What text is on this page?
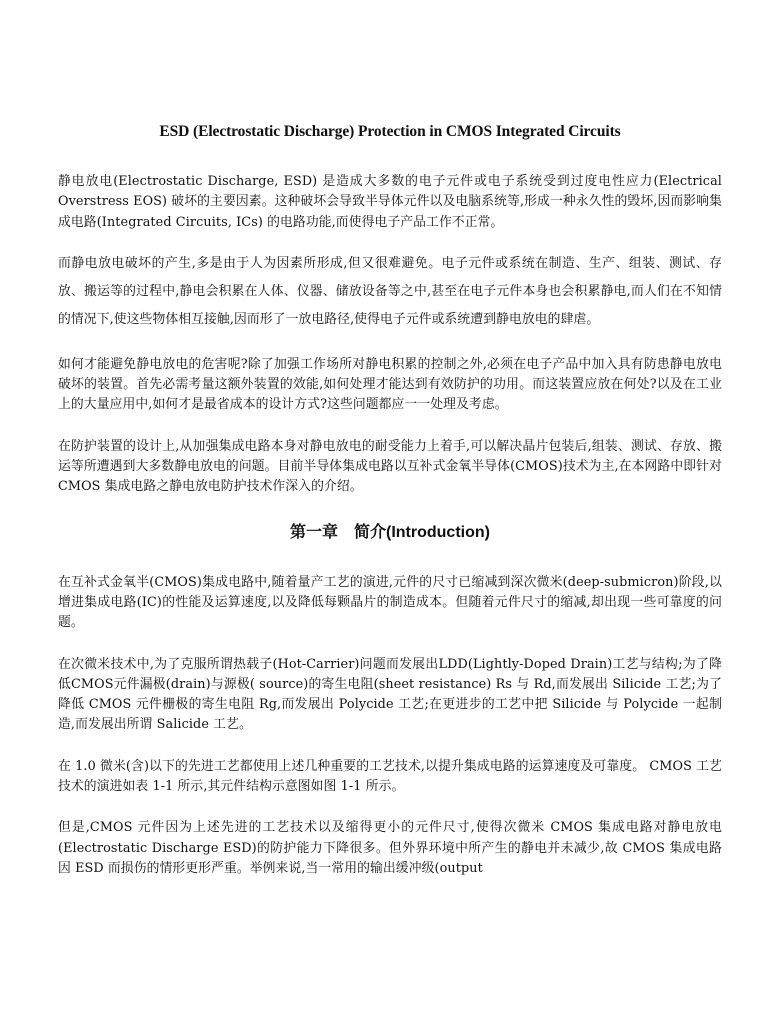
ESD (Electrostatic Discharge) Protection in CMOS Integrated Circuits

静电放电(Electrostatic Discharge, ESD) 是造成大多数的电子元件或电子系统受到过度电性应力(Electrical Overstress EOS) 破坏的主要因素。这种破坏会导致半导体元件以及电脑系统等,形成一种永久性的毁坏,因而影响集成电路(Integrated Circuits, ICs) 的电路功能,而使得电子产品工作不正常。

而静电放电破坏的产生,多是由于人为因素所形成,但又很难避免。电子元件或系统在制造、生产、组装、测试、存放、搬运等的过程中,静电会积累在人体、仪器、储放设备等之中,甚至在电子元件本身也会积累静电,而人们在不知情的情况下,使这些物体相互接触,因而形了一放电路径,使得电子元件或系统遭到静电放电的肆虐。

如何才能避免静电放电的危害呢?除了加强工作场所对静电积累的控制之外,必须在电子产品中加入具有防患静电放电破坏的装置。首先必需考量这额外装置的效能,如何处理才能达到有效防护的功用。而这装置应放在何处?以及在工业上的大量应用中,如何才是最省成本的设计方式?这些问题都应一一处理及考虑。

在防护装置的设计上,从加强集成电路本身对静电放电的耐受能力上着手,可以解决晶片包装后,组装、测试、存放、搬运等所遭遇到大多数静电放电的问题。目前半导体集成电路以互补式金氧半导体(CMOS)技术为主,在本网路中即针对 CMOS 集成电路之静电放电防护技术作深入的介绍。

第一章　简介(Introduction)

在互补式金氧半(CMOS)集成电路中,随着量产工艺的演进,元件的尺寸已缩减到深次微米(deep-submicron)阶段,以增进集成电路(IC)的性能及运算速度,以及降低每颗晶片的制造成本。但随着元件尺寸的缩减,却出现一些可靠度的问题。

在次微米技术中,为了克服所谓热载子(Hot-Carrier)问题而发展出LDD(Lightly-Doped Drain)工艺与结构;为了降低CMOS元件漏极(drain)与源极( source)的寄生电阻(sheet resistance) Rs 与 Rd,而发展出 Silicide 工艺;为了降低 CMOS 元件栅极的寄生电阻 Rg,而发展出 Polycide 工艺;在更进步的工艺中把 Silicide 与 Polycide 一起制造,而发展出所谓 Salicide 工艺。

在 1.0 微米(含)以下的先进工艺都使用上述几种重要的工艺技术,以提升集成电路的运算速度及可靠度。 CMOS 工艺技术的演进如表 1-1 所示,其元件结构示意图如图 1-1 所示。

但是,CMOS 元件因为上述先进的工艺技术以及缩得更小的元件尺寸,使得次微米 CMOS 集成电路对静电放电(Electrostatic Discharge ESD)的防护能力下降很多。但外界环境中所产生的静电并未减少,故 CMOS 集成电路因 ESD 而损伤的情形更形严重。举例来说,当一常用的输出缓冲级(output
